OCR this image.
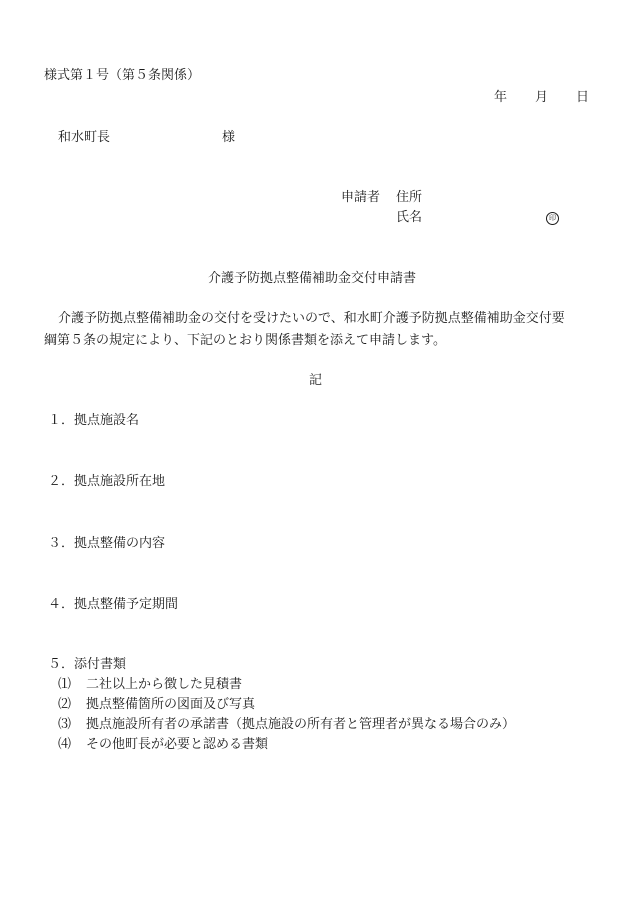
様式第１号（第５条関係）
年 月 日
和水町長	様
申請者 住所
氏名	印
介護予防拠点整備補助金交付申請書
介護予防拠点整備補助金の交付を受けたいので、和水町介護予防拠点整備補助金交付要
綱第５条の規定により、下記のとおり関係書類を添えて申請します。
記
１．拠点施設名
２．拠点施設所在地
３．拠点整備の内容
４．拠点整備予定期間
５．添付書類
⑴ 二社以上から徴した見積書
⑵ 拠点整備箇所の図面及び写真
⑶ 拠点施設所有者の承諾書（拠点施設の所有者と管理者が異なる場合のみ）
⑷ その他町長が必要と認める書類
